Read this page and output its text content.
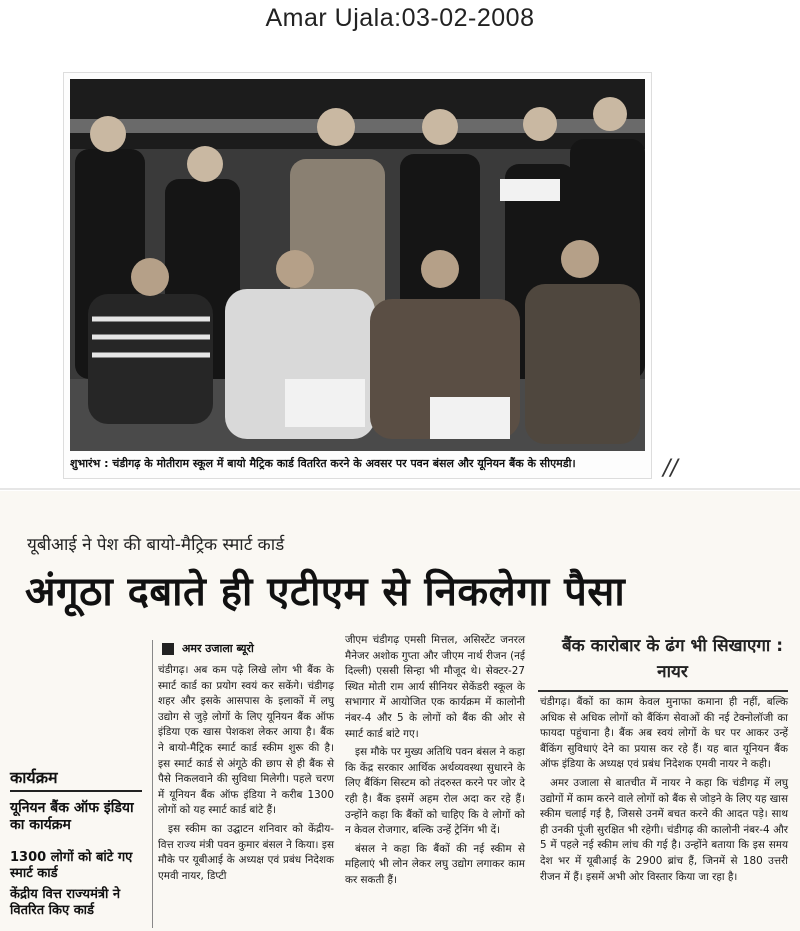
Amar Ujala:03-02-2008
शुभारंभ : चंडीगढ़ के मोतीराम स्कूल में बायो मैट्रिक कार्ड वितरित करने के अवसर पर पवन बंसल और यूनियन बैंक के सीएमडी।	//
यूबीआई ने पेश की बायो-मैट्रिक स्मार्ट कार्ड
अंगूठा दबाते ही एटीएम से निकलेगा पैसा
अमर उजाला ब्यूरो
कार्यक्रम
यूनियन बैंक ऑफ इंडिया का कार्यक्रम
1300 लोगों को बांटे गए स्मार्ट कार्ड
केंद्रीय वित्त राज्यमंत्री ने वितरित किए कार्ड

चंडीगढ़। अब कम पढ़े लिखे लोग भी बैंक के स्मार्ट कार्ड का प्रयोग स्वयं कर सकेंगे। चंडीगढ़ शहर और इसके आसपास के इलाकों में लघु उद्योग से जुड़े लोगों के लिए यूनियन बैंक ऑफ इंडिया एक खास पेशकश लेकर आया है। बैंक ने बायो-मैट्रिक स्मार्ट कार्ड स्कीम शुरू की है। इस स्मार्ट कार्ड से अंगूठे की छाप से ही बैंक से पैसे निकलवाने की सुविधा मिलेगी। पहले चरण में यूनियन बैंक ऑफ इंडिया ने करीब 1300 लोगों को यह स्मार्ट कार्ड बांटे हैं।

इस स्कीम का उद्घाटन शनिवार को केंद्रीय-वित्त राज्य मंत्री पवन कुमार बंसल ने किया। इस मौके पर यूबीआई के अध्यक्ष एवं प्रबंध निदेशक एमवी नायर, डिप्टी

जीएम चंडीगढ़ एमसी मित्तल, असिस्टेंट जनरल मैनेजर अशोक गुप्ता और जीएम नार्थ रीजन (नई दिल्ली) एससी सिन्हा भी मौजूद थे। सेक्टर-27 स्थित मोती राम आर्य सीनियर सेकेंडरी स्कूल के सभागार में आयोजित एक कार्यक्रम में कालोनी नंबर-4 और 5 के लोगों को बैंक की ओर से स्मार्ट कार्ड बांटे गए।

इस मौके पर मुख्य अतिथि पवन बंसल ने कहा कि केंद्र सरकार आर्थिक अर्थव्यवस्था सुधारने के लिए बैंकिंग सिस्टम को तंदरुस्त करने पर जोर दे रही है। बैंक इसमें अहम रोल अदा कर रहे हैं। उन्होंने कहा कि बैंकों को चाहिए कि वे लोगों को न केवल रोजगार, बल्कि उन्हें ट्रेनिंग भी दें।

बंसल ने कहा कि बैंकों की नई स्कीम से महिलाएं भी लोन लेकर लघु उद्योग लगाकर काम कर सकती हैं।

बैंक कारोबार के ढंग भी सिखाएगा : नायर

चंडीगढ़। बैंकों का काम केवल मुनाफा कमाना ही नहीं, बल्कि अधिक से अधिक लोगों को बैंकिंग सेवाओं की नई टेक्नोलॉजी का फायदा पहुंचाना है। बैंक अब स्वयं लोगों के घर पर आकर उन्हें बैंकिंग सुविधाएं देने का प्रयास कर रहे हैं। यह बात यूनियन बैंक ऑफ इंडिया के अध्यक्ष एवं प्रबंध निदेशक एमवी नायर ने कही।

अमर उजाला से बातचीत में नायर ने कहा कि चंडीगढ़ में लघु उद्योगों में काम करने वाले लोगों को बैंक से जोड़ने के लिए यह खास स्कीम चलाई गई है, जिससे उनमें बचत करने की आदत पड़े। साथ ही उनकी पूंजी सुरक्षित भी रहेगी। चंडीगढ़ की कालोनी नंबर-4 और 5 में पहले नई स्कीम लांच की गई है। उन्होंने बताया कि इस समय देश भर में यूबीआई के 2900 ब्रांच हैं, जिनमें से 180 उत्तरी रीजन में हैं। इसमें अभी ओर विस्तार किया जा रहा है।
